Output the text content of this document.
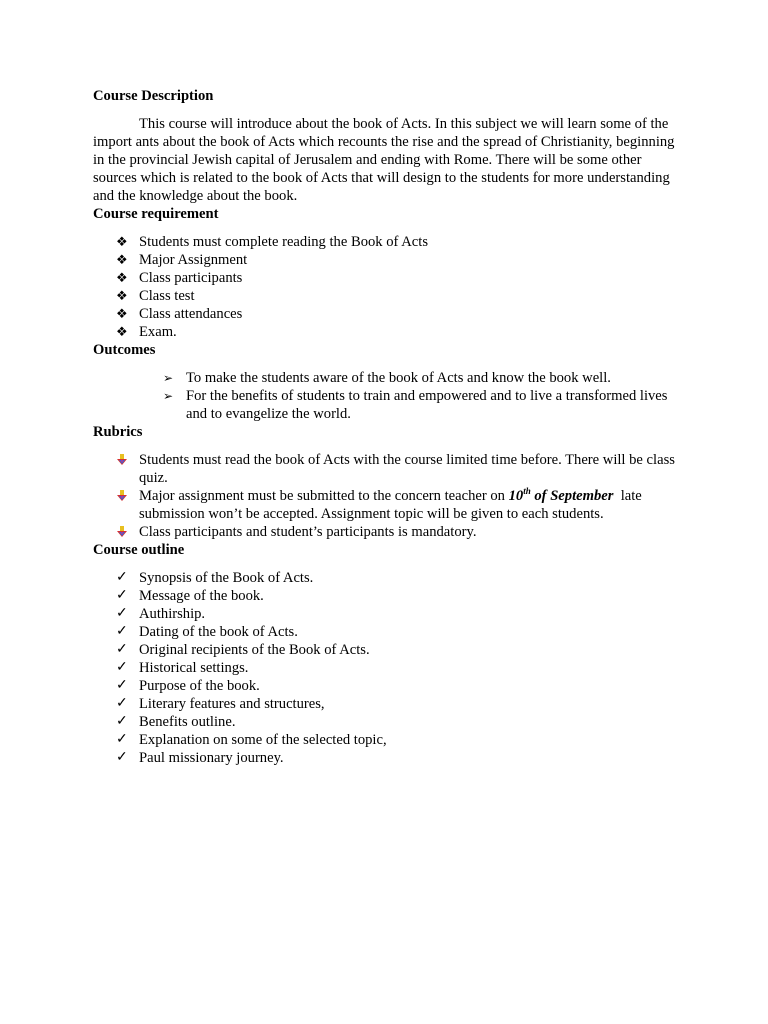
Course Description

This course will introduce about the book of Acts. In this subject we will learn some of the import ants about the book of Acts which recounts the rise and the spread of Christianity, beginning in the provincial Jewish capital of Jerusalem and ending with Rome. There will be some other sources which is related to the book of Acts that will design to the students for more understanding and the knowledge about the book.

Course requirement
❖ Students must complete reading the Book of Acts
❖ Major Assignment
❖ Class participants
❖ Class test
❖ Class attendances
❖ Exam.
Outcomes
➢ To make the students aware of the book of Acts and know the book well.
➢ For the benefits of students to train and empowered and to live a transformed lives and to evangelize the world.
Rubrics
Students must read the book of Acts with the course limited time before. There will be class quiz.
Major assignment must be submitted to the concern teacher on 10th of September  late submission won’t be accepted. Assignment topic will be given to each students.
Class participants and student’s participants is mandatory.
Course outline
✓ Synopsis of the Book of Acts.
✓ Message of the book.
✓ Authirship.
✓ Dating of the book of Acts.
✓ Original recipients of the Book of Acts.
✓ Historical settings.
✓ Purpose of the book.
✓ Literary features and structures,
✓ Benefits outline.
✓ Explanation on some of the selected topic,
✓ Paul missionary journey.
